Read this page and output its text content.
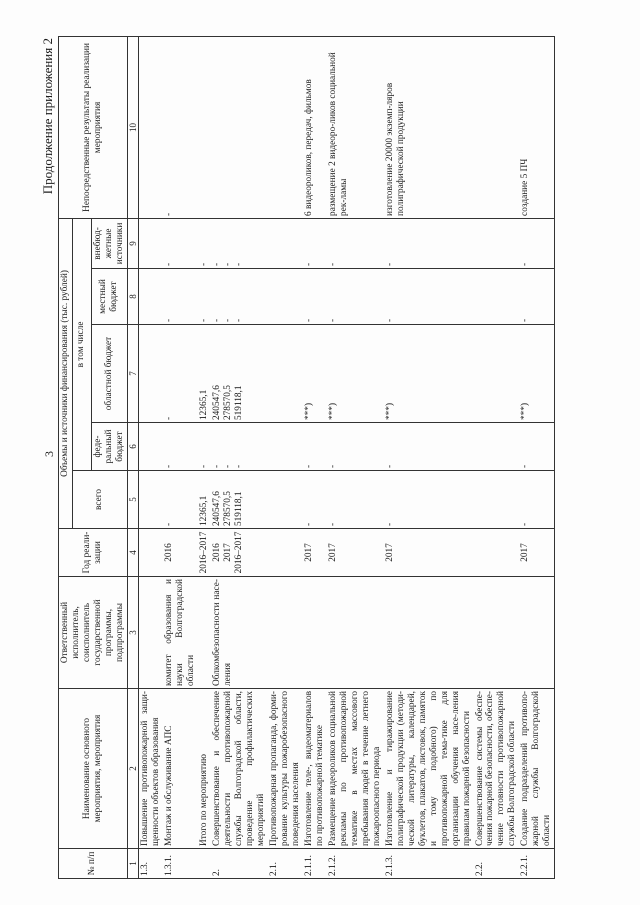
3
Продолжение приложения 2
№ п/п	Наименование основного мероприятия, мероприятия	Ответственный исполнитель, соисполнитель государственной программы, подпрограммы	Год реали-зации	Объемы и источники финансирования (тыс. рублей)					Непосредственные результаты реализации мероприятия
				всего	в том числе				
					феде-ральный бюджет	областной бюджет	местный бюджет	внебюд-жетные источники	
1	2	3	4	5	6	7	8	9	10
1.3.	Повышение противопожарной защи-щенности объектов образования								
1.3.1.	Монтаж и обслуживание АПС	комитет образования и науки Волгоградской области	2016	-	-	-	-	-	-
	Итого по мероприятию		2016–2017	12365,1	-	12365,1	-	-	

2.	Совершенствование и обеспечение деятельности противопожарной службы Волгоградской области, проведение профилактических мероприятий	Облкомбезопасности насе-ления	2016 2017 2016–2017	240547,6 278570,5 519118,1	- - -	240547,6 278570,5 519118,1	- - -	- - -	

2.1.	Противопожарная пропаганда, форми-рование культуры пожаробезопасного поведения населения								
2.1.1.	Изготовление теле-, видеоматериалов по противопожарной тематике		2017	-	-	***)	-	-	6 видеороликов, передач, фильмов
2.1.2.	Размещение видеороликов социальной рекламы по противопожарной тематике в местах массового пребывания людей в течение летнего пожароопасного периода		2017	-	-	***)	-	-	размещение 2 видеоро-ликов социальной рек-ламы
2.1.3.	Изготовление и тиражирование полиграфической продукции (методи-ческой литературы, календарей, буклетов, плакатов, листовок, памяток и тому подобного) по противопожарной тема-тике для организации обучения насе-ления правилам пожарной безопасности		2017	-	-	***)	-	-	изготовление 20000 экземп-ляров полиграфической продукции
2.2.	Совершенствование системы обеспе-чения пожарной безопасности, обеспе-чение готовности противопожарной службы Волгоградской области								
2.2.1.	Создание подразделений противопо-жарной службы Волгоградской области		2017	-	-	***)	-	-	создание 5 ПЧ
